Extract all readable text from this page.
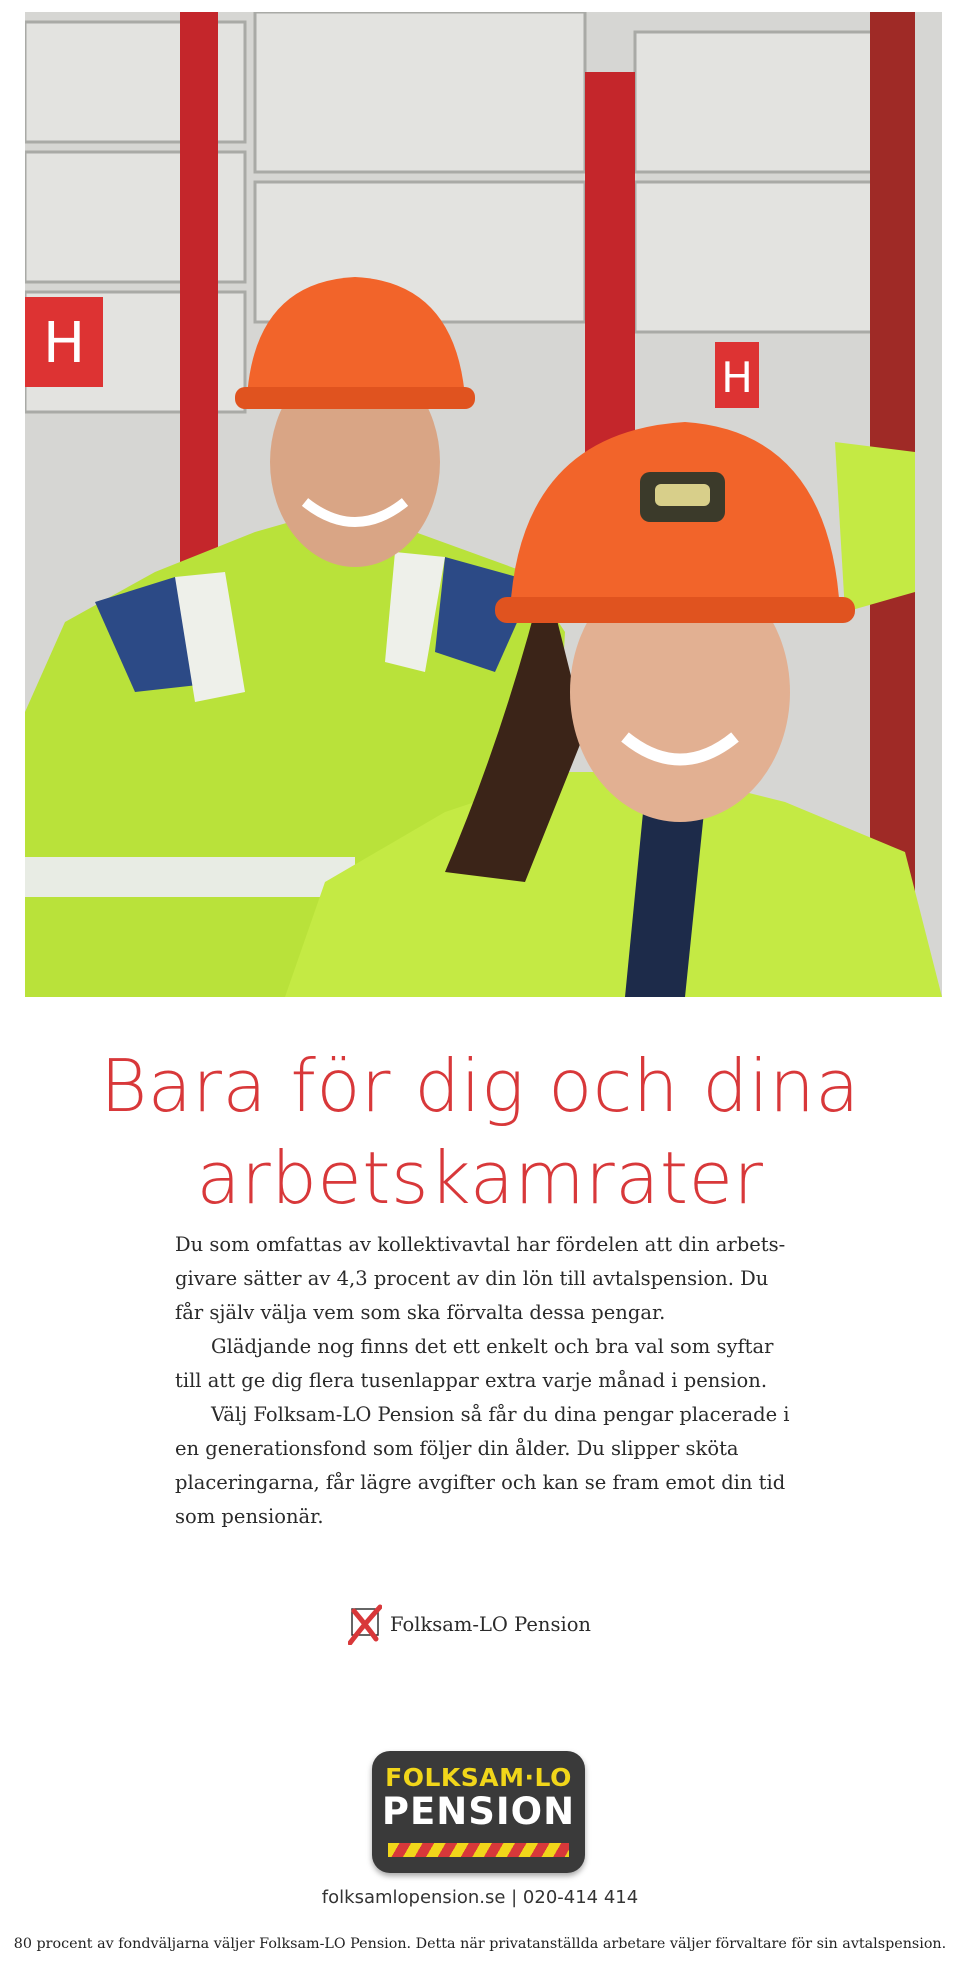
H
H
Bara för dig och dina
arbetskamrater

Du som omfattas av kollektivavtal har fördelen att din arbets-givare sätter av 4,3 procent av din lön till avtalspension. Du får själv välja vem som ska förvalta dessa pengar.

Glädjande nog finns det ett enkelt och bra val som syftar till att ge dig flera tusenlappar extra varje månad i pension.

Välj Folksam-LO Pension så får du dina pengar placerade i en generationsfond som följer din ålder. Du slipper sköta placeringarna, får lägre avgifter och kan se fram emot din tid som pensionär.

Folksam-LO Pension
FOLKSAM·LO
PENSION
folksamlopension.se | 020-414 414
80 procent av fondväljarna väljer Folksam-LO Pension. Detta när privatanställda arbetare väljer förvaltare för sin avtalspension.
